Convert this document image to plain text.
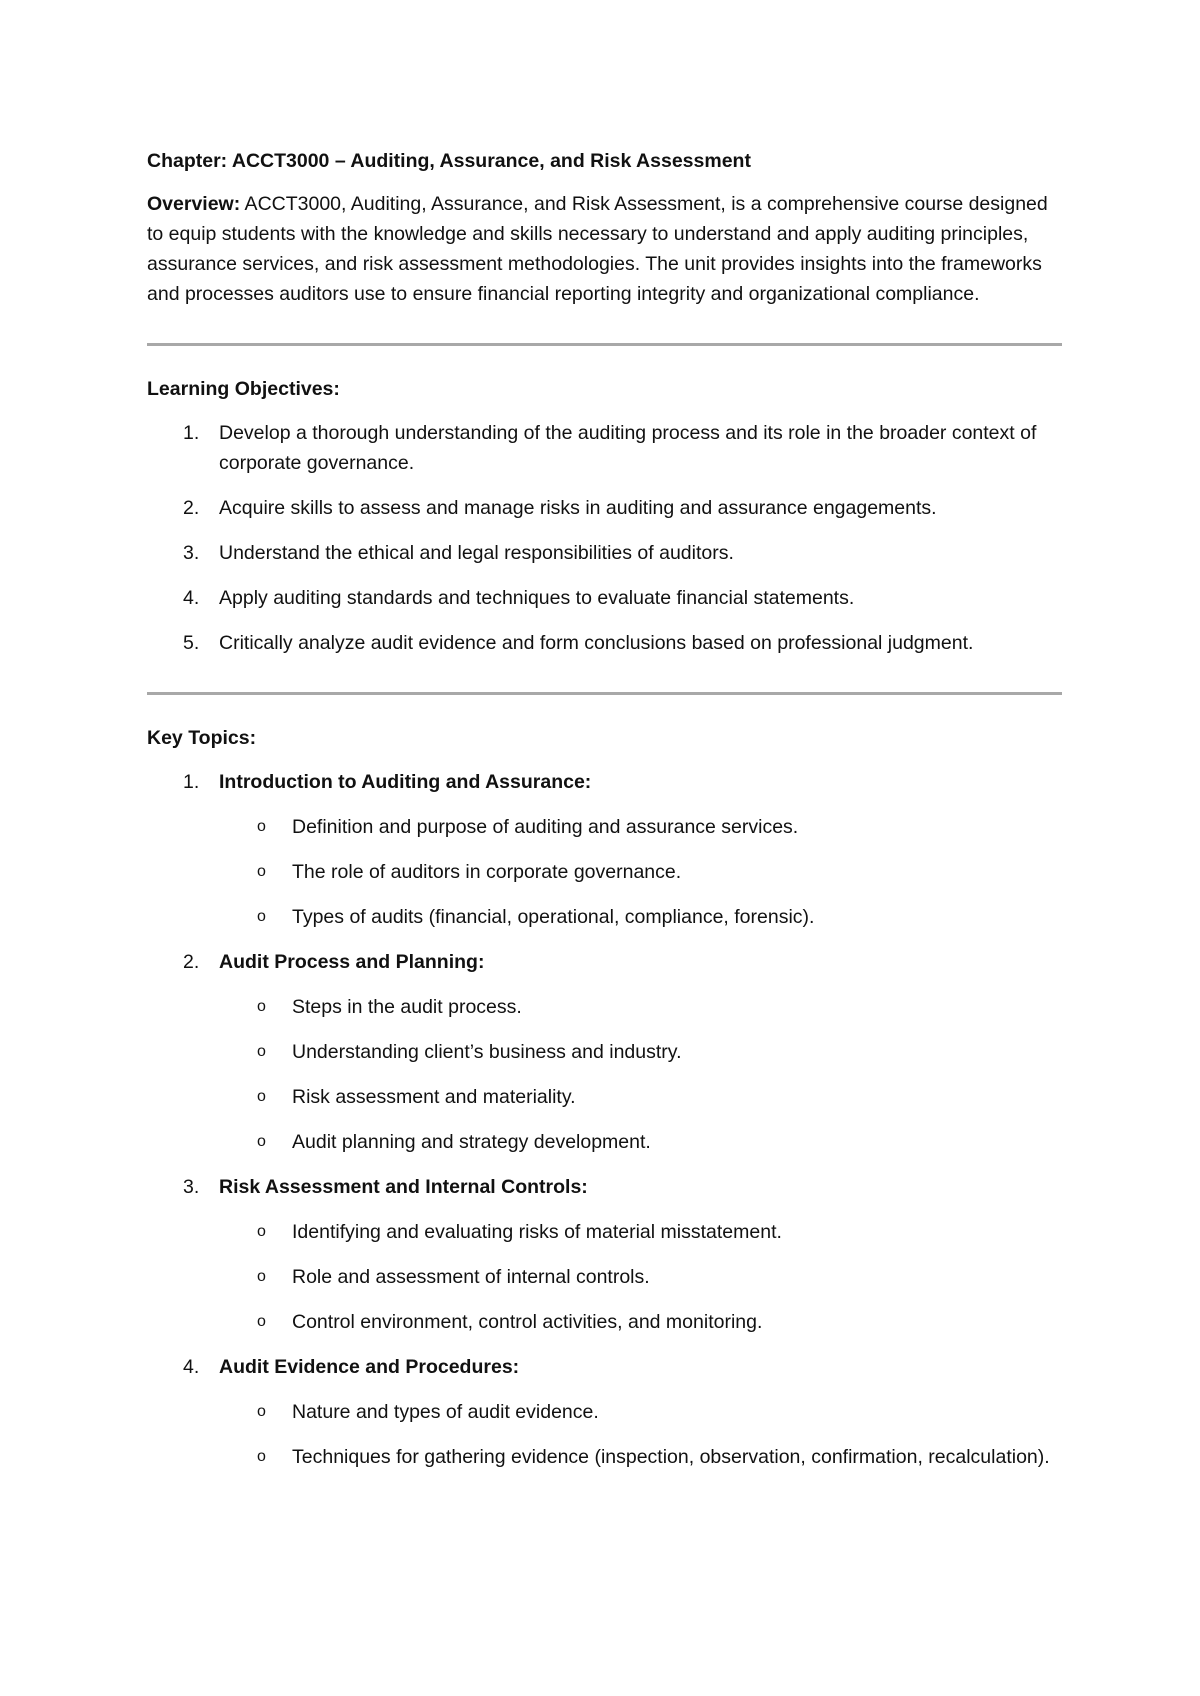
Chapter: ACCT3000 – Auditing, Assurance, and Risk Assessment

Overview: ACCT3000, Auditing, Assurance, and Risk Assessment, is a comprehensive course designed to equip students with the knowledge and skills necessary to understand and apply auditing principles, assurance services, and risk assessment methodologies. The unit provides insights into the frameworks and processes auditors use to ensure financial reporting integrity and organizational compliance.

Learning Objectives:

1. Develop a thorough understanding of the auditing process and its role in the broader context of corporate governance.
2. Acquire skills to assess and manage risks in auditing and assurance engagements.
3. Understand the ethical and legal responsibilities of auditors.
4. Apply auditing standards and techniques to evaluate financial statements.
5. Critically analyze audit evidence and form conclusions based on professional judgment.

Key Topics:

1. Introduction to Auditing and Assurance:
o Definition and purpose of auditing and assurance services.
o The role of auditors in corporate governance.
o Types of audits (financial, operational, compliance, forensic).
2. Audit Process and Planning:
o Steps in the audit process.
o Understanding client’s business and industry.
o Risk assessment and materiality.
o Audit planning and strategy development.
3. Risk Assessment and Internal Controls:
o Identifying and evaluating risks of material misstatement.
o Role and assessment of internal controls.
o Control environment, control activities, and monitoring.
4. Audit Evidence and Procedures:
o Nature and types of audit evidence.
o Techniques for gathering evidence (inspection, observation, confirmation, recalculation).
